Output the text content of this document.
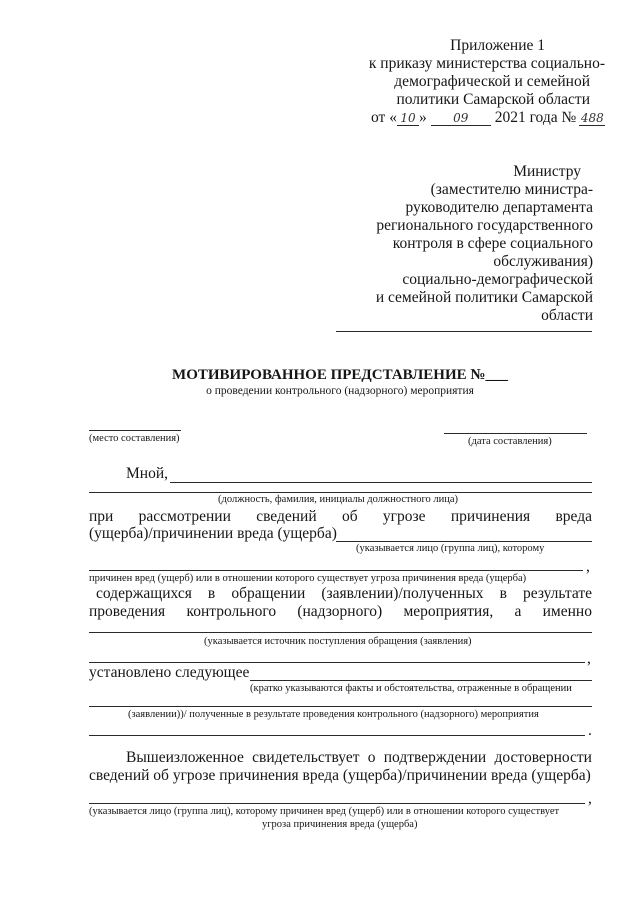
Приложение 1
к приказу министерства социально-
демографической и семейной
политики Самарской области
от « 10 » 09 2021 года № 488
Министру
(заместителю министра-
руководителю департамента
регионального государственного
контроля в сфере социального
обслуживания)
социально-демографической
и семейной политики Самарской
области
МОТИВИРОВАННОЕ ПРЕДСТАВЛЕНИЕ №___
о проведении контрольного (надзорного) мероприятия
(место составления)	(дата составления)
Мной,
(должность, фамилия, инициалы должностного лица)
при рассмотрении сведений об угрозе причинения вреда
(ущерба)/причинении вреда (ущерба)
(указывается лицо (группа лиц), которому
,
причинен вред (ущерб) или в отношении которого существует угроза причинения вреда (ущерба)
содержащихся в обращении (заявлении)/полученных в результате
проведения контрольного (надзорного) мероприятия, а именно
(указывается источник поступления обращения (заявления)
,
установлено следующее
(кратко указываются факты и обстоятельства, отраженные в обращении
(заявлении))/ полученные в результате проведения контрольного (надзорного) мероприятия
.
Вышеизложенное свидетельствует о подтверждении достоверности
сведений об угрозе причинения вреда (ущерба)/причинении вреда (ущерба)
,
(указывается лицо (группа лиц), которому причинен вред (ущерб) или в отношении которого существует
угроза причинения вреда (ущерба)
